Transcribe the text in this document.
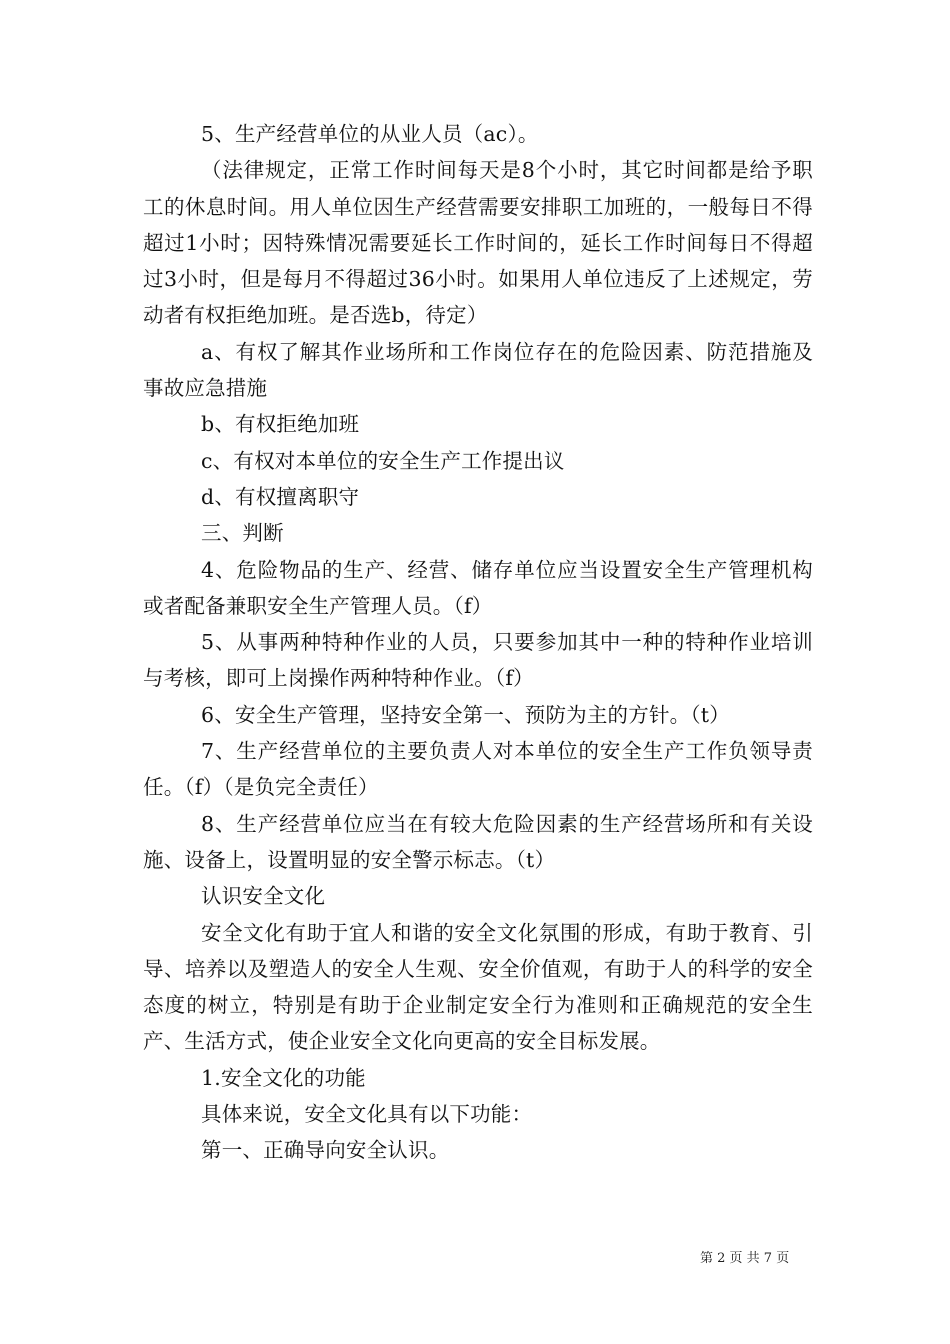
5、生产经营单位的从业人员（ac）。

（法律规定，正常工作时间每天是8个小时，其它时间都是给予职工的休息时间。用人单位因生产经营需要安排职工加班的，一般每日不得超过1小时；因特殊情况需要延长工作时间的，延长工作时间每日不得超过3小时，但是每月不得超过36小时。如果用人单位违反了上述规定，劳动者有权拒绝加班。是否选b，待定）

a、有权了解其作业场所和工作岗位存在的危险因素、防范措施及事故应急措施

b、有权拒绝加班

c、有权对本单位的安全生产工作提出议

d、有权擅离职守

三、判断

4、危险物品的生产、经营、储存单位应当设置安全生产管理机构或者配备兼职安全生产管理人员。（f）

5、从事两种特种作业的人员，只要参加其中一种的特种作业培训与考核，即可上岗操作两种特种作业。（f）

6、安全生产管理，坚持安全第一、预防为主的方针。（t）

7、生产经营单位的主要负责人对本单位的安全生产工作负领导责任。（f）（是负完全责任）

8、生产经营单位应当在有较大危险因素的生产经营场所和有关设施、设备上，设置明显的安全警示标志。（t）

认识安全文化

安全文化有助于宜人和谐的安全文化氛围的形成，有助于教育、引导、培养以及塑造人的安全人生观、安全价值观，有助于人的科学的安全态度的树立，特别是有助于企业制定安全行为准则和正确规范的安全生产、生活方式，使企业安全文化向更高的安全目标发展。

1.安全文化的功能

具体来说，安全文化具有以下功能：

第一、正确导向安全认识。

第 2 页 共 7 页
